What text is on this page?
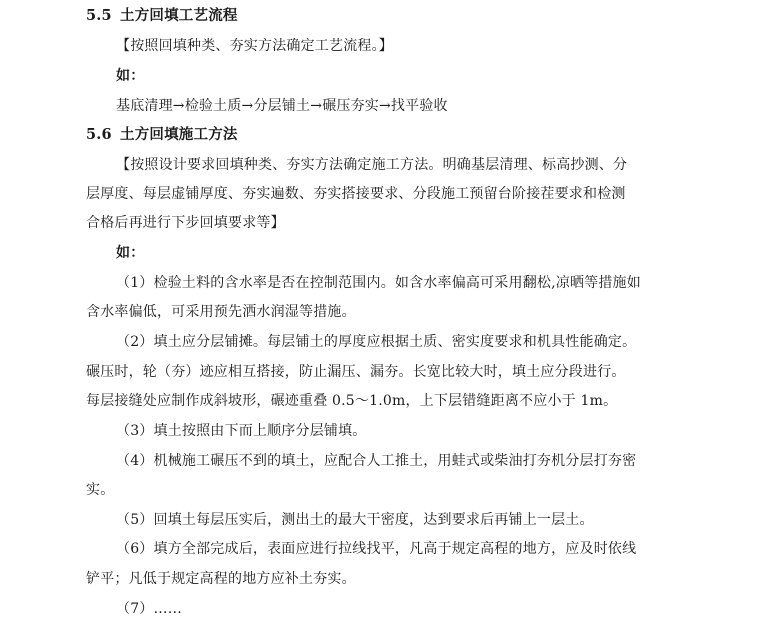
5.5 土方回填工艺流程
【按照回填种类、夯实方法确定工艺流程。】
如：
基底清理→检验土质→分层铺土→碾压夯实→找平验收
5.6 土方回填施工方法
【按照设计要求回填种类、夯实方法确定施工方法。明确基层清理、标高抄测、分
层厚度、每层虚铺厚度、夯实遍数、夯实搭接要求、分段施工预留台阶接茬要求和检测
合格后再进行下步回填要求等】
如：
（1）检验土料的含水率是否在控制范围内。如含水率偏高可采用翻松,凉晒等措施如
含水率偏低，可采用预先洒水润湿等措施。
（2）填土应分层铺摊。每层铺土的厚度应根据土质、密实度要求和机具性能确定。
碾压时，轮（夯）迹应相互搭接，防止漏压、漏夯。长宽比较大时，填土应分段进行。
每层接缝处应制作成斜坡形，碾迹重叠 0.5～1.0m，上下层错缝距离不应小于 1m。
（3）填土按照由下而上顺序分层铺填。
（4）机械施工碾压不到的填土，应配合人工推土，用蛙式或柴油打夯机分层打夯密
实。
（5）回填土每层压实后，测出土的最大干密度，达到要求后再铺上一层土。
（6）填方全部完成后，表面应进行拉线找平，凡高于规定高程的地方，应及时依线
铲平；凡低于规定高程的地方应补土夯实。
（7）……
